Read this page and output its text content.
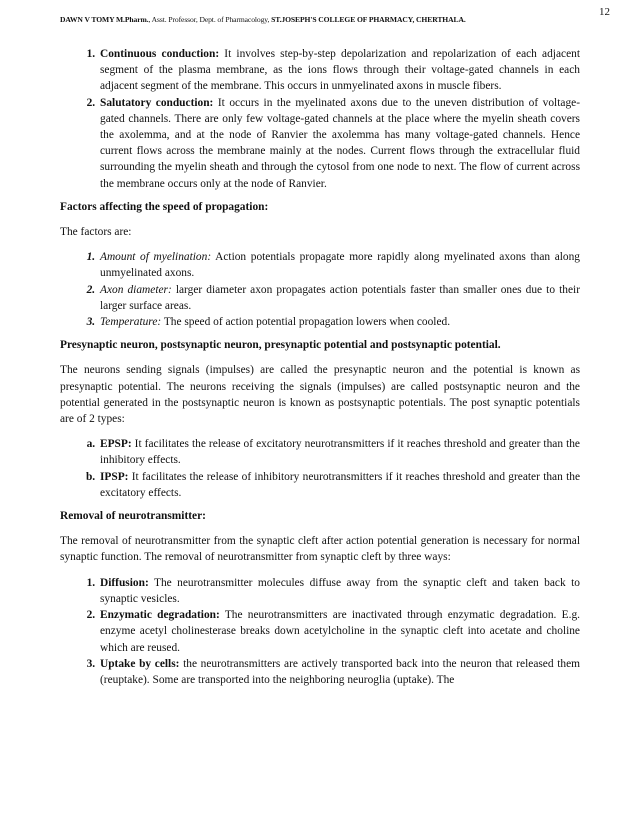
12
DAWN V TOMY M.Pharm., Asst. Professor, Dept. of Pharmacology, ST.JOSEPH'S COLLEGE OF PHARMACY, CHERTHALA.
1. Continuous conduction: It involves step-by-step depolarization and repolarization of each adjacent segment of the plasma membrane, as the ions flows through their voltage-gated channels in each adjacent segment of the membrane. This occurs in unmyelinated axons in muscle fibers.
2. Salutatory conduction: It occurs in the myelinated axons due to the uneven distribution of voltage-gated channels. There are only few voltage-gated channels at the place where the myelin sheath covers the axolemma, and at the node of Ranvier the axolemma has many voltage-gated channels. Hence current flows across the membrane mainly at the nodes. Current flows through the extracellular fluid surrounding the myelin sheath and through the cytosol from one node to next. The flow of current across the membrane occurs only at the node of Ranvier.

Factors affecting the speed of propagation:

The factors are:

1. Amount of myelination: Action potentials propagate more rapidly along myelinated axons than along unmyelinated axons.
2. Axon diameter: larger diameter axon propagates action potentials faster than smaller ones due to their larger surface areas.
3. Temperature: The speed of action potential propagation lowers when cooled.

Presynaptic neuron, postsynaptic neuron, presynaptic potential and postsynaptic potential.

The neurons sending signals (impulses) are called the presynaptic neuron and the potential is known as presynaptic potential. The neurons receiving the signals (impulses) are called postsynaptic neuron and the potential generated in the postsynaptic neuron is known as postsynaptic potentials. The post synaptic potentials are of 2 types:

a. EPSP: It facilitates the release of excitatory neurotransmitters if it reaches threshold and greater than the inhibitory effects.
b. IPSP: It facilitates the release of inhibitory neurotransmitters if it reaches threshold and greater than the excitatory effects.

Removal of neurotransmitter:

The removal of neurotransmitter from the synaptic cleft after action potential generation is necessary for normal synaptic function. The removal of neurotransmitter from synaptic cleft by three ways:

1. Diffusion: The neurotransmitter molecules diffuse away from the synaptic cleft and taken back to synaptic vesicles.
2. Enzymatic degradation: The neurotransmitters are inactivated through enzymatic degradation. E.g. enzyme acetyl cholinesterase breaks down acetylcholine in the synaptic cleft into acetate and choline which are reused.
3. Uptake by cells: the neurotransmitters are actively transported back into the neuron that released them (reuptake). Some are transported into the neighboring neuroglia (uptake). The
